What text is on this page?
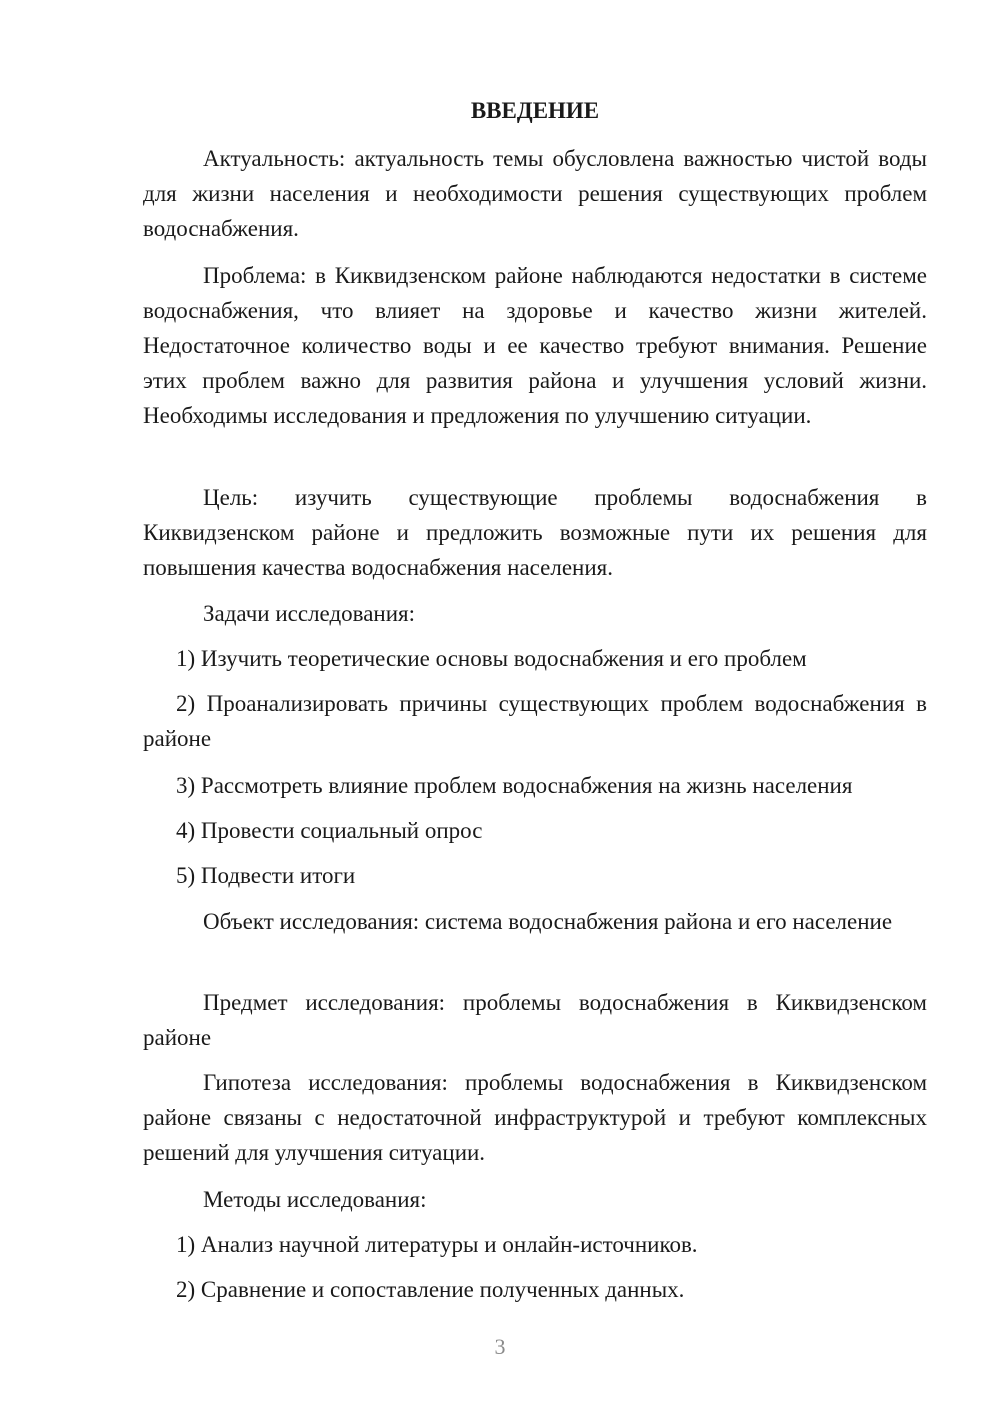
ВВЕДЕНИЕ

Актуальность: актуальность темы обусловлена важностью чистой воды для жизни населения и необходимости решения существующих проблем водоснабжения.

Проблема: в Киквидзенском районе наблюдаются недостатки в системе водоснабжения, что влияет на здоровье и качество жизни жителей. Недостаточное количество воды и ее качество требуют внимания. Решение этих проблем важно для развития района и улучшения условий жизни. Необходимы исследования и предложения по улучшению ситуации.

Цель: изучить существующие проблемы водоснабжения в Киквидзенском районе и предложить возможные пути их решения для повышения качества водоснабжения населения.

Задачи исследования:

1) Изучить теоретические основы водоснабжения и его проблем

2) Проанализировать причины существующих проблем водоснабжения в районе

3) Рассмотреть влияние проблем водоснабжения на жизнь населения

4) Провести социальный опрос

5) Подвести итоги

Объект исследования: система водоснабжения района и его население

Предмет исследования: проблемы водоснабжения в Киквидзенском районе

Гипотеза исследования: проблемы водоснабжения в Киквидзенском районе связаны с недостаточной инфраструктурой и требуют комплексных решений для улучшения ситуации.

Методы исследования:

1) Анализ научной литературы и онлайн-источников.

2) Сравнение и сопоставление полученных данных.

3
